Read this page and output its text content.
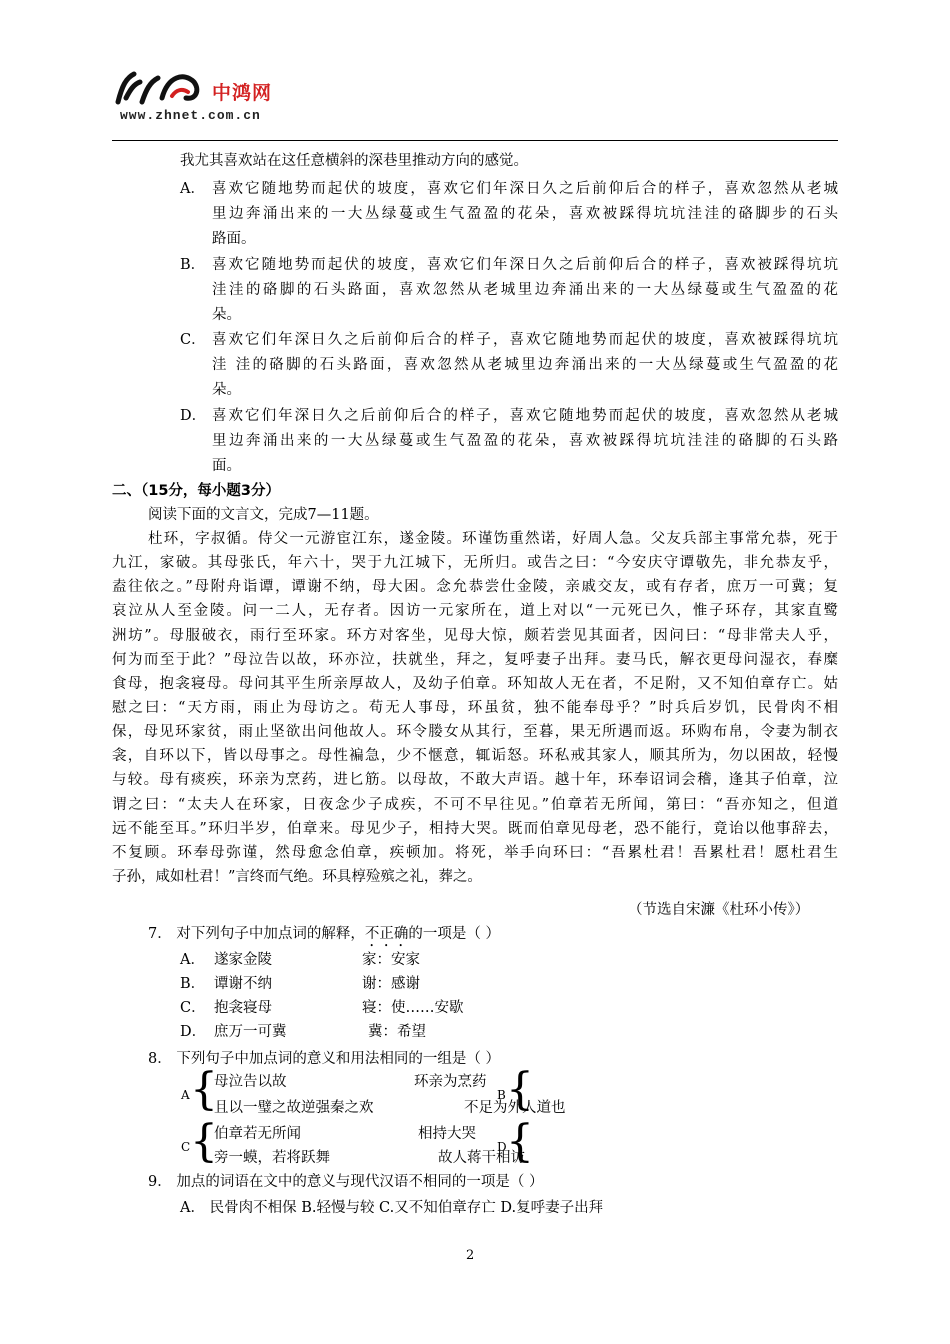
中鸿网
www.zhnet.com.cn
我尤其喜欢站在这任意横斜的深巷里推动方向的感觉。
A． 喜欢它随地势而起伏的坡度，喜欢它们年深日久之后前仰后合的样子，喜欢忽然从老城
里边奔涌出来的一大丛绿蔓或生气盈盈的花朵，喜欢被踩得坑坑洼洼的硌脚步的石头
路面。
B． 喜欢它随地势而起伏的坡度，喜欢它们年深日久之后前仰后合的样子，喜欢被踩得坑坑
洼洼的硌脚的石头路面，喜欢忽然从老城里边奔涌出来的一大丛绿蔓或生气盈盈的花
朵。
C． 喜欢它们年深日久之后前仰后合的样子，喜欢它随地势而起伏的坡度，喜欢被踩得坑坑
洼 洼的硌脚的石头路面，喜欢忽然从老城里边奔涌出来的一大丛绿蔓或生气盈盈的花
朵。
D． 喜欢它们年深日久之后前仰后合的样子，喜欢它随地势而起伏的坡度，喜欢忽然从老城
里边奔涌出来的一大丛绿蔓或生气盈盈的花朵，喜欢被踩得坑坑洼洼的硌脚的石头路
面。
二、（15分，每小题3分）
阅读下面的文言文，完成7—11题。
杜环，字叔循。侍父一元游宦江东，遂金陵。环谨饬重然诺，好周人急。父友兵部主事常允恭，死于
九江，家破。其母张氏，年六十，哭于九江城下，无所归。或告之曰：“今安庆守谭敬先，非允恭友乎，
盍往依之。”母附舟诣谭，谭谢不纳，母大困。念允恭尝仕金陵，亲戚交友，或有存者，庶万一可冀；复
哀泣从人至金陵。问一二人，无存者。因访一元家所在，道上对以“一元死已久，惟子环存，其家直鹭
洲坊”。母服破衣，雨行至环家。环方对客坐，见母大惊，颇若尝见其面者，因问曰：“母非常夫人乎，
何为而至于此？”母泣告以故，环亦泣，扶就坐，拜之，复呼妻子出拜。妻马氏，解衣更母问湿衣，春糜
食母，抱衾寝母。母问其平生所亲厚故人，及幼子伯章。环知故人无在者，不足附，又不知伯章存亡。姑
慰之曰：“天方雨，雨止为母访之。苟无人事母，环虽贫，独不能奉母乎？”时兵后岁饥，民骨肉不相
保，母见环家贫，雨止坚欲出问他故人。环令媵女从其行，至暮，果无所遇而返。环购布帛，令妻为制衣
衾，自环以下，皆以母事之。母性褊急，少不惬意，辄诟怒。环私戒其家人，顺其所为，勿以困故，轻慢
与较。母有痰疾，环亲为烹药，进匕筋。以母故，不敢大声语。越十年，环奉诏词会稽，逢其子伯章，泣
谓之曰：“太夫人在环家，日夜念少子成疾，不可不早往见。”伯章若无所闻，第曰：“吾亦知之，但道
远不能至耳。”环归半岁，伯章来。母见少子，相持大哭。既而伯章见母老，恐不能行，竟诒以他事辞去，
不复顾。环奉母弥谨，然母愈念伯章，疾顿加。将死，举手向环曰：“吾累杜君！吾累杜君！愿杜君生
子孙，咸如杜君！”言终而气绝。环具椁殓殡之礼，葬之。
（节选自宋濂《杜环小传》）
7． 对下列句子中加点词的解释，不正确的一项是（ ）
A． 遂家金陵	家：安家
B． 谭谢不纳	谢：感谢
C． 抱衾寝母	寝：使……安歇
D． 庶万一可冀	冀：希望
8． 下列句子中加点词的意义和用法相同的一组是（ ）
A {
母泣告以故
且以一璧之故逆强秦之欢
环亲为烹药
B {
不足为外人道也
C {
伯章若无所闻
旁一蟆，若将跃舞
相持大哭
D {
故人蒋干相访
9． 加点的词语在文中的意义与现代汉语不相同的一项是（ ）
A． 民骨肉不相保 B.轻慢与较 C.又不知伯章存亡 D.复呼妻子出拜
2
